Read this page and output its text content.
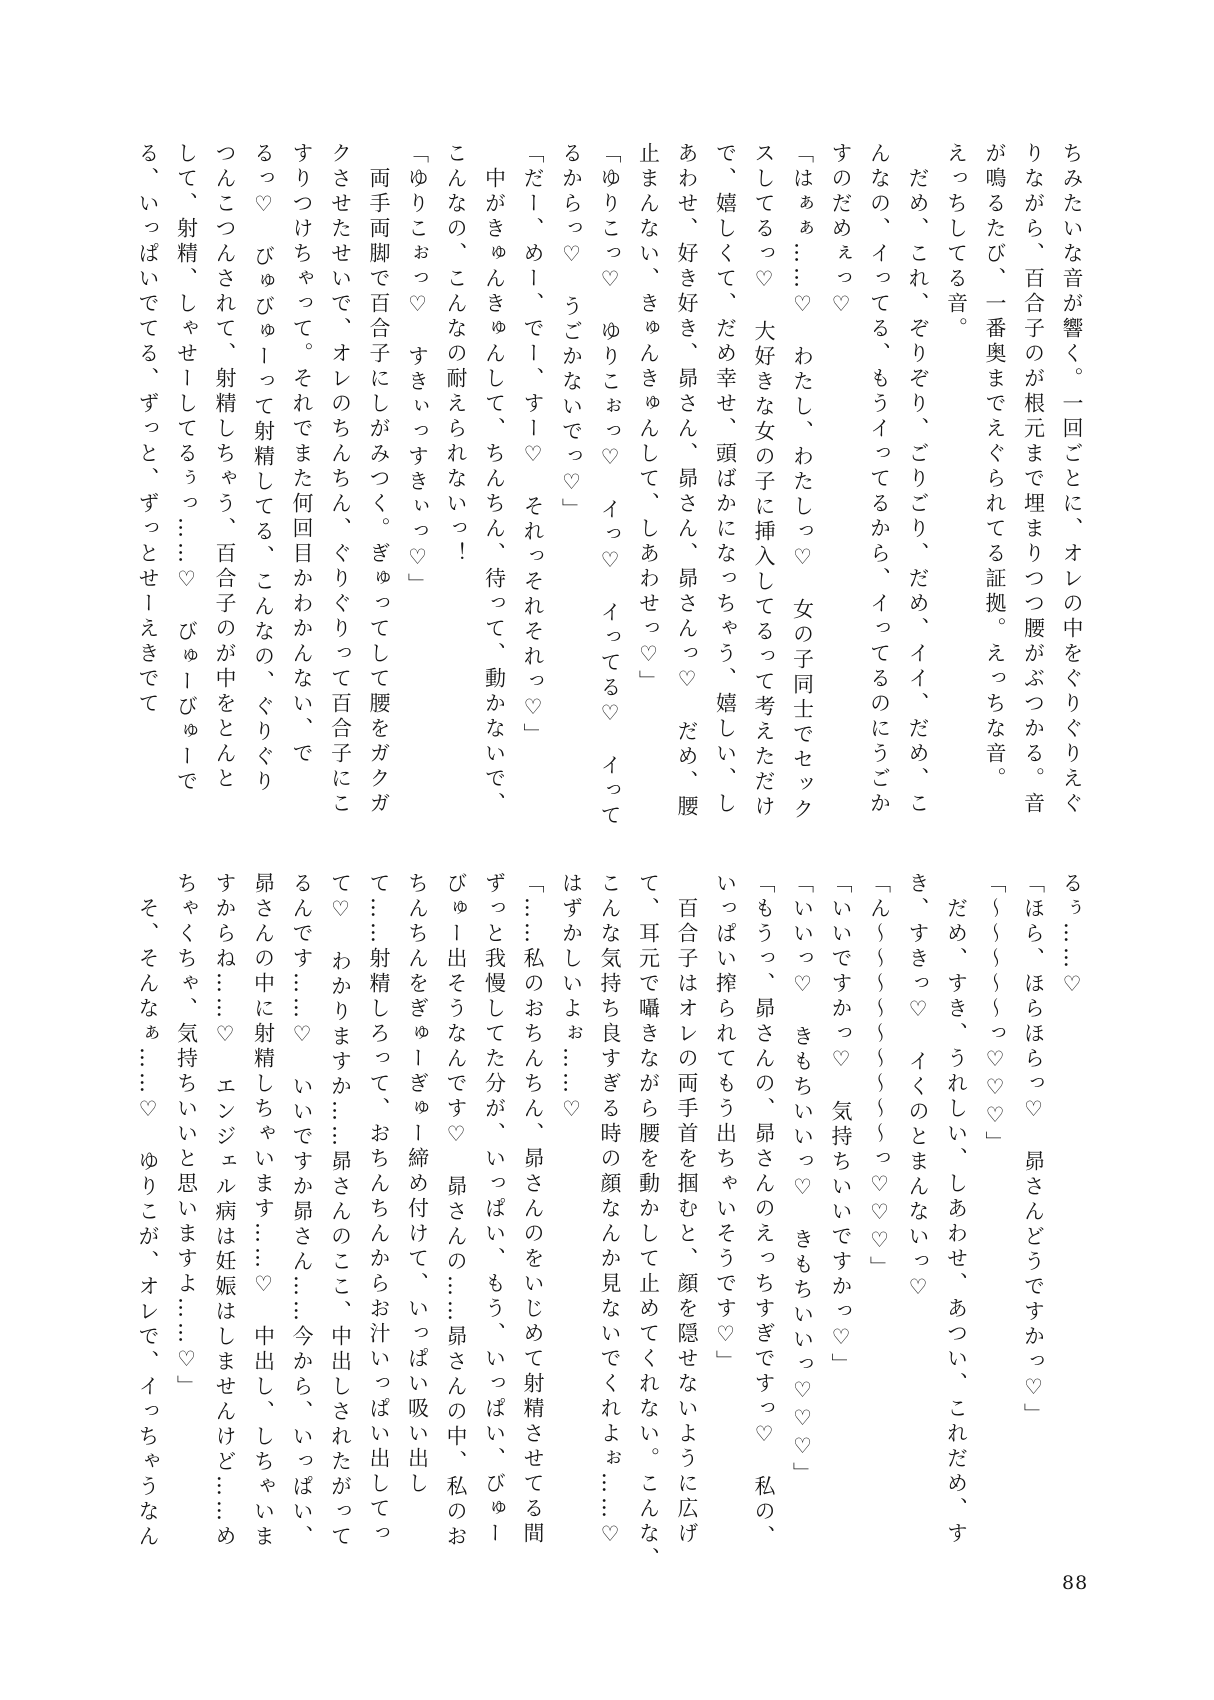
ちみたいな音が響く。一回ごとに、オレの中をぐりぐりえぐ
りながら、百合子のが根元まで埋まりつつ腰がぶつかる。音
が鳴るたび、一番奥までえぐられてる証拠。えっちな音。
えっちしてる音。
　だめ、これ、ぞりぞり、ごりごり、だめ、イイ、だめ、こ
んなの、イってる、もうイってるから、イってるのにうごか
すのだめぇっ♡
「はぁぁ……♡　わたし、わたしっ♡　女の子同士でセック
スしてるっ♡　大好きな女の子に挿入してるって考えただけ
で、嬉しくて、だめ幸せ、頭ばかになっちゃう、嬉しい、し
あわせ、好き好き、昴さん、昴さん、昴さんっ♡　だめ、腰
止まんない、きゅんきゅんして、しあわせっ♡」
「ゆりこっ♡　ゆりこぉっ♡　イっ♡　イってる♡　イって
るからっ♡　うごかないでっ♡」
「だー、めー、でー、すー♡　それっそれそれっ♡」
　中がきゅんきゅんして、ちんちん、待って、動かないで、
こんなの、こんなの耐えられないっ！
「ゆりこぉっ♡　すきぃっすきぃっ♡」
　両手両脚で百合子にしがみつく。ぎゅってして腰をガクガ
クさせたせいで、オレのちんちん、ぐりぐりって百合子にこ
すりつけちゃって。それでまた何回目かわかんない、で
るっ♡　びゅびゅーって射精してる、こんなの、ぐりぐり
つんこつんされて、射精しちゃう、百合子のが中をとんと
して、射精、しゃせーしてるぅっ……♡　びゅーびゅーで
る、いっぱいでてる、ずっと、ずっとせーえきでて
るぅ……♡
「ほら、ほらほらっ♡　昴さんどうですかっ♡」
「〜〜〜〜〜っ♡♡♡」
　だめ、すき、うれしい、しあわせ、あつい、これだめ、す
き、すきっ♡　イくのとまんないっ♡
「ん〜〜〜〜〜〜〜〜〜っ♡♡♡」
「いいですかっ♡　気持ちいいですかっ♡」
「いいっ♡　きもちいいっ♡　きもちいいっ♡♡♡」
「もうっ、昴さんの、昴さんのえっちすぎですっ♡　私の、
いっぱい搾られてもう出ちゃいそうです♡」
　百合子はオレの両手首を掴むと、顔を隠せないように広げ
て、耳元で囁きながら腰を動かして止めてくれない。こんな、
こんな気持ち良すぎる時の顔なんか見ないでくれよぉ……♡
はずかしいよぉ……♡
「……私のおちんちん、昴さんのをいじめて射精させてる間
ずっと我慢してた分が、いっぱい、もう、いっぱい、びゅー
びゅー出そうなんです♡　昴さんの……昴さんの中、私のお
ちんちんをぎゅーぎゅー締め付けて、いっぱい吸い出し
て……射精しろって、おちんちんからお汁いっぱい出してっ
て♡　わかりますか……昴さんのここ、中出しされたがって
るんです……♡　いいですか昴さん……今から、いっぱい、
昴さんの中に射精しちゃいます……♡　中出し、しちゃいま
すからね……♡　エンジェル病は妊娠はしませんけど……め
ちゃくちゃ、気持ちいいと思いますよ……♡」
　そ、そんなぁ……♡　ゆりこが、オレで、イっちゃうなん
88
